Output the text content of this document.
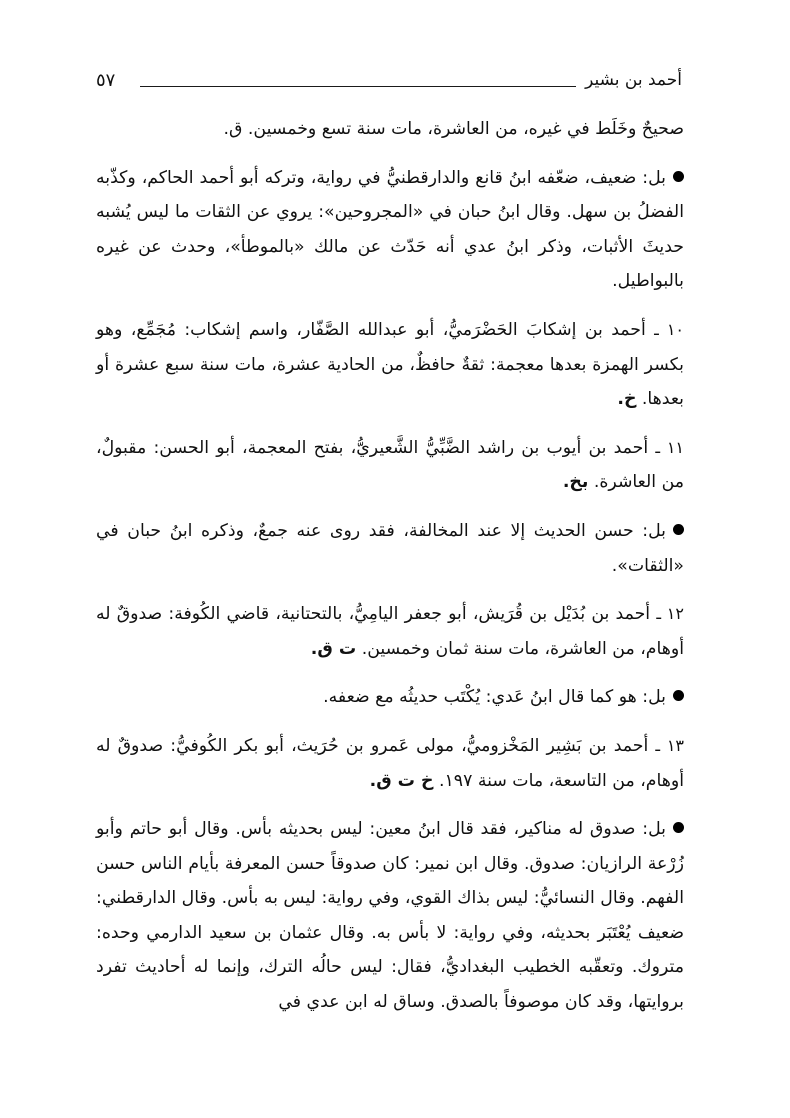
أحمد بن بشير
٥٧

صحيحٌ وخَلَط في غيره، من العاشرة، مات سنة تسع وخمسين. ق.

بل: ضعيف، ضعّفه ابنُ قانع والدارقطنيُّ في رواية، وتركه أبو أحمد الحاكم، وكذّبه الفضلُ بن سهل. وقال ابنُ حبان في «المجروحين»: يروي عن الثقات ما ليس يُشبه حديثَ الأثبات، وذكر ابنُ عدي أنه حَدّث عن مالك «بالموطأ»، وحدث عن غيره بالبواطيل.

١٠ ـ أحمد بن إشكابَ الحَضْرَميُّ، أبو عبدالله الصَّفّار، واسم إشكاب: مُجَمِّع، وهو بكسر الهمزة بعدها معجمة: ثقةٌ حافظٌ، من الحادية عشرة، مات سنة سبع عشرة أو بعدها. خ.

١١ ـ أحمد بن أيوب بن راشد الضَّبِّيُّ الشَّعيريُّ، بفتح المعجمة، أبو الحسن: مقبولٌ، من العاشرة. بخ.

بل: حسن الحديث إلا عند المخالفة، فقد روى عنه جمعٌ، وذكره ابنُ حبان في «الثقات».

١٢ ـ أحمد بن بُدَيْل بن قُرَيش، أبو جعفر اليامِيُّ، بالتحتانية، قاضي الكُوفة: صدوقٌ له أوهام، من العاشرة، مات سنة ثمان وخمسين. ت ق.

بل: هو كما قال ابنُ عَدي: يُكْتَب حديثُه مع ضعفه.

١٣ ـ أحمد بن بَشِير المَخْزوميُّ، مولى عَمرو بن حُرَيث، أبو بكر الكُوفيُّ: صدوقٌ له أوهام، من التاسعة، مات سنة ١٩٧. خ ت ق.

بل: صدوق له مناكير، فقد قال ابنُ معين: ليس بحديثه بأس. وقال أبو حاتم وأبو زُرْعة الرازيان: صدوق. وقال ابن نمير: كان صدوقاً حسن المعرفة بأيام الناس حسن الفهم. وقال النسائيُّ: ليس بذاك القوي، وفي رواية: ليس به بأس. وقال الدارقطني: ضعيف يُعْتَبَر بحديثه، وفي رواية: لا بأس به. وقال عثمان بن سعيد الدارمي وحده: متروك. وتعقّبه الخطيب البغداديُّ، فقال: ليس حالُه الترك، وإنما له أحاديث تفرد بروايتها، وقد كان موصوفاً بالصدق. وساق له ابن عدي في
